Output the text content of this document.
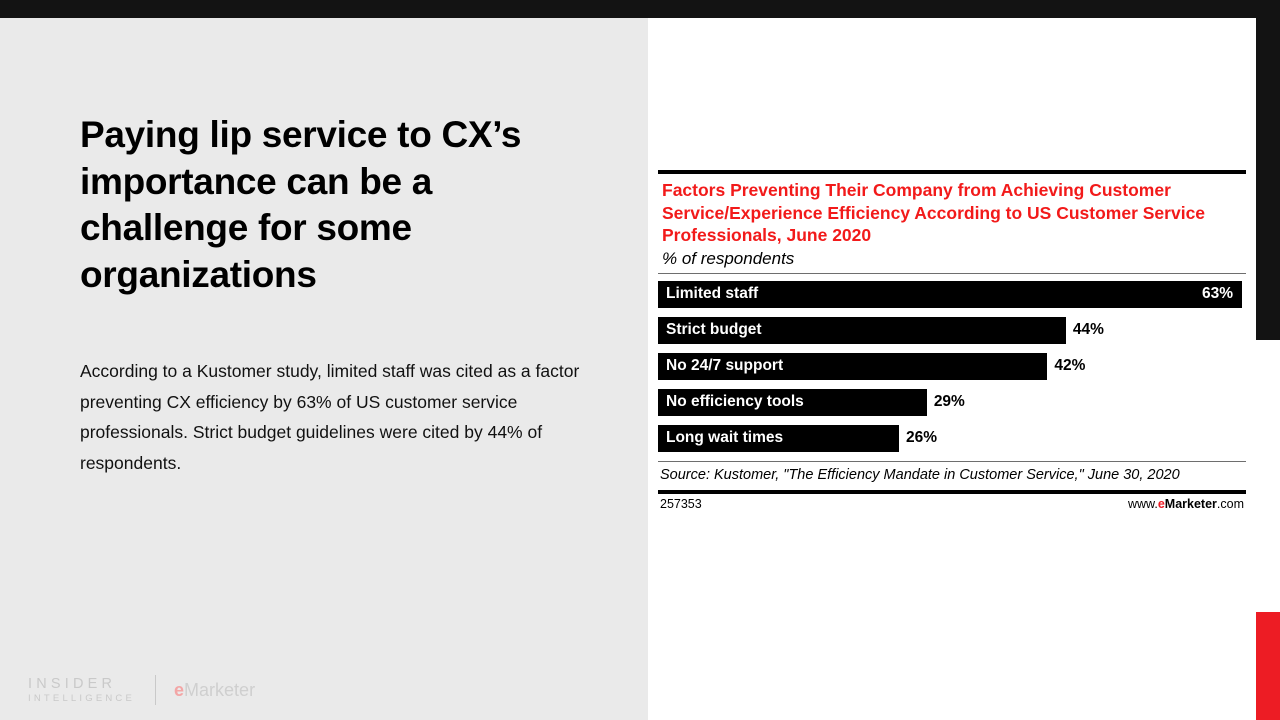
Paying lip service to CX’s importance can be a challenge for some organizations
According to a Kustomer study, limited staff was cited as a factor preventing CX efficiency by 63% of US customer service professionals. Strict budget guidelines were cited by 44% of respondents.
INSIDER
INTELLIGENCE eMarketer
Factors Preventing Their Company from Achieving Customer Service/Experience Efficiency According to US Customer Service Professionals, June 2020
% of respondents
Limited staff	63%
Strict budget	44%
No 24/7 support	42%
No efficiency tools	29%
Long wait times	26%
Source: Kustomer, "The Efficiency Mandate in Customer Service," June 30, 2020
257353	www.eMarketer.com
